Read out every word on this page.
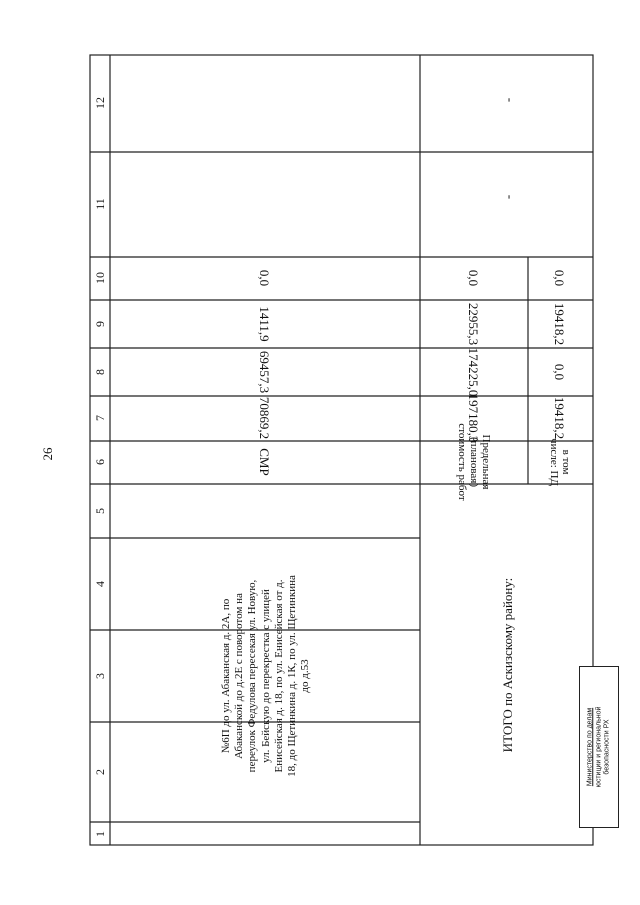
26
1
2
3
4
5
6
7
8
9
10
11
12
№6П до ул. Абаканская д. 2А, по Абаканской до д.2Е с поворотом на переулок Федулова пересекая ул. Новую, ул. Бейскую до перекрестка с улицей Енисейская д. 18, по ул. Енисейская от д. 18, до Щетинкина д. 1К, по ул. Щетинкина до д.53
СМР
70869,2
69457,3
1411,9
0,0
ИТОГО по Аскизскому району:
Предельная (плановая) стоимость работ
197180,3
174225,0
22955,3
0,0
-
-
в том числе: ПД
19418,2
0,0
19418,2
0,0
Министерство по делам юстиции и региональной безопасности РХ
